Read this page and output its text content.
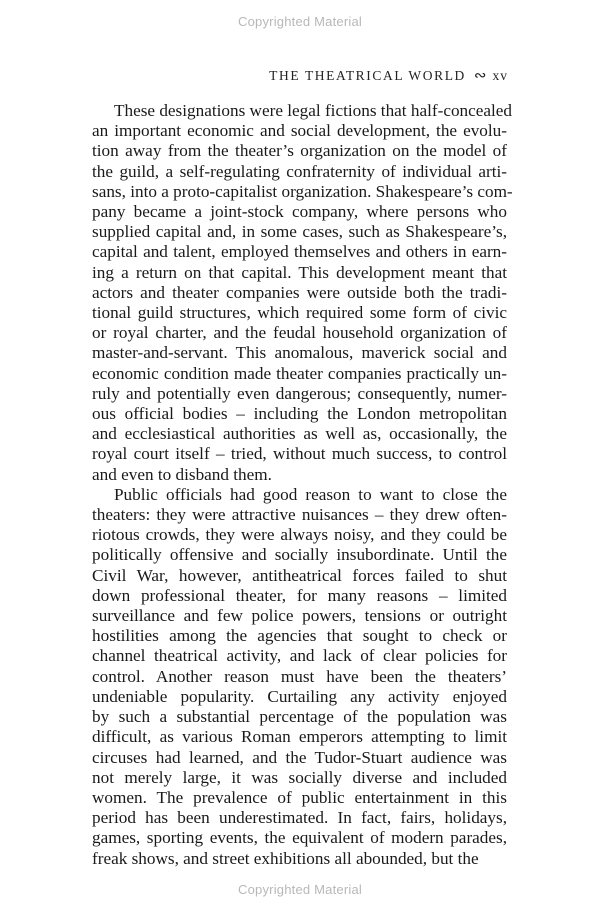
Copyrighted Material
THE THEATRICAL WORLD ∾ xv
These designations were legal fictions that half-concealed
an important economic and social development, the evolu-
tion away from the theater’s organization on the model of
the guild, a self-regulating confraternity of individual arti-
sans, into a proto-capitalist organization. Shakespeare’s com-
pany became a joint-stock company, where persons who
supplied capital and, in some cases, such as Shakespeare’s,
capital and talent, employed themselves and others in earn-
ing a return on that capital. This development meant that
actors and theater companies were outside both the tradi-
tional guild structures, which required some form of civic
or royal charter, and the feudal household organization of
master-and-servant. This anomalous, maverick social and
economic condition made theater companies practically un-
ruly and potentially even dangerous; consequently, numer-
ous official bodies – including the London metropolitan
and ecclesiastical authorities as well as, occasionally, the
royal court itself – tried, without much success, to control
and even to disband them.
Public officials had good reason to want to close the
theaters: they were attractive nuisances – they drew often-
riotous crowds, they were always noisy, and they could be
politically offensive and socially insubordinate. Until the
Civil War, however, antitheatrical forces failed to shut
down professional theater, for many reasons – limited
surveillance and few police powers, tensions or outright
hostilities among the agencies that sought to check or
channel theatrical activity, and lack of clear policies for
control. Another reason must have been the theaters’
undeniable popularity. Curtailing any activity enjoyed
by such a substantial percentage of the population was
difficult, as various Roman emperors attempting to limit
circuses had learned, and the Tudor-Stuart audience was
not merely large, it was socially diverse and included
women. The prevalence of public entertainment in this
period has been underestimated. In fact, fairs, holidays,
games, sporting events, the equivalent of modern parades,
freak shows, and street exhibitions all abounded, but the
Copyrighted Material
